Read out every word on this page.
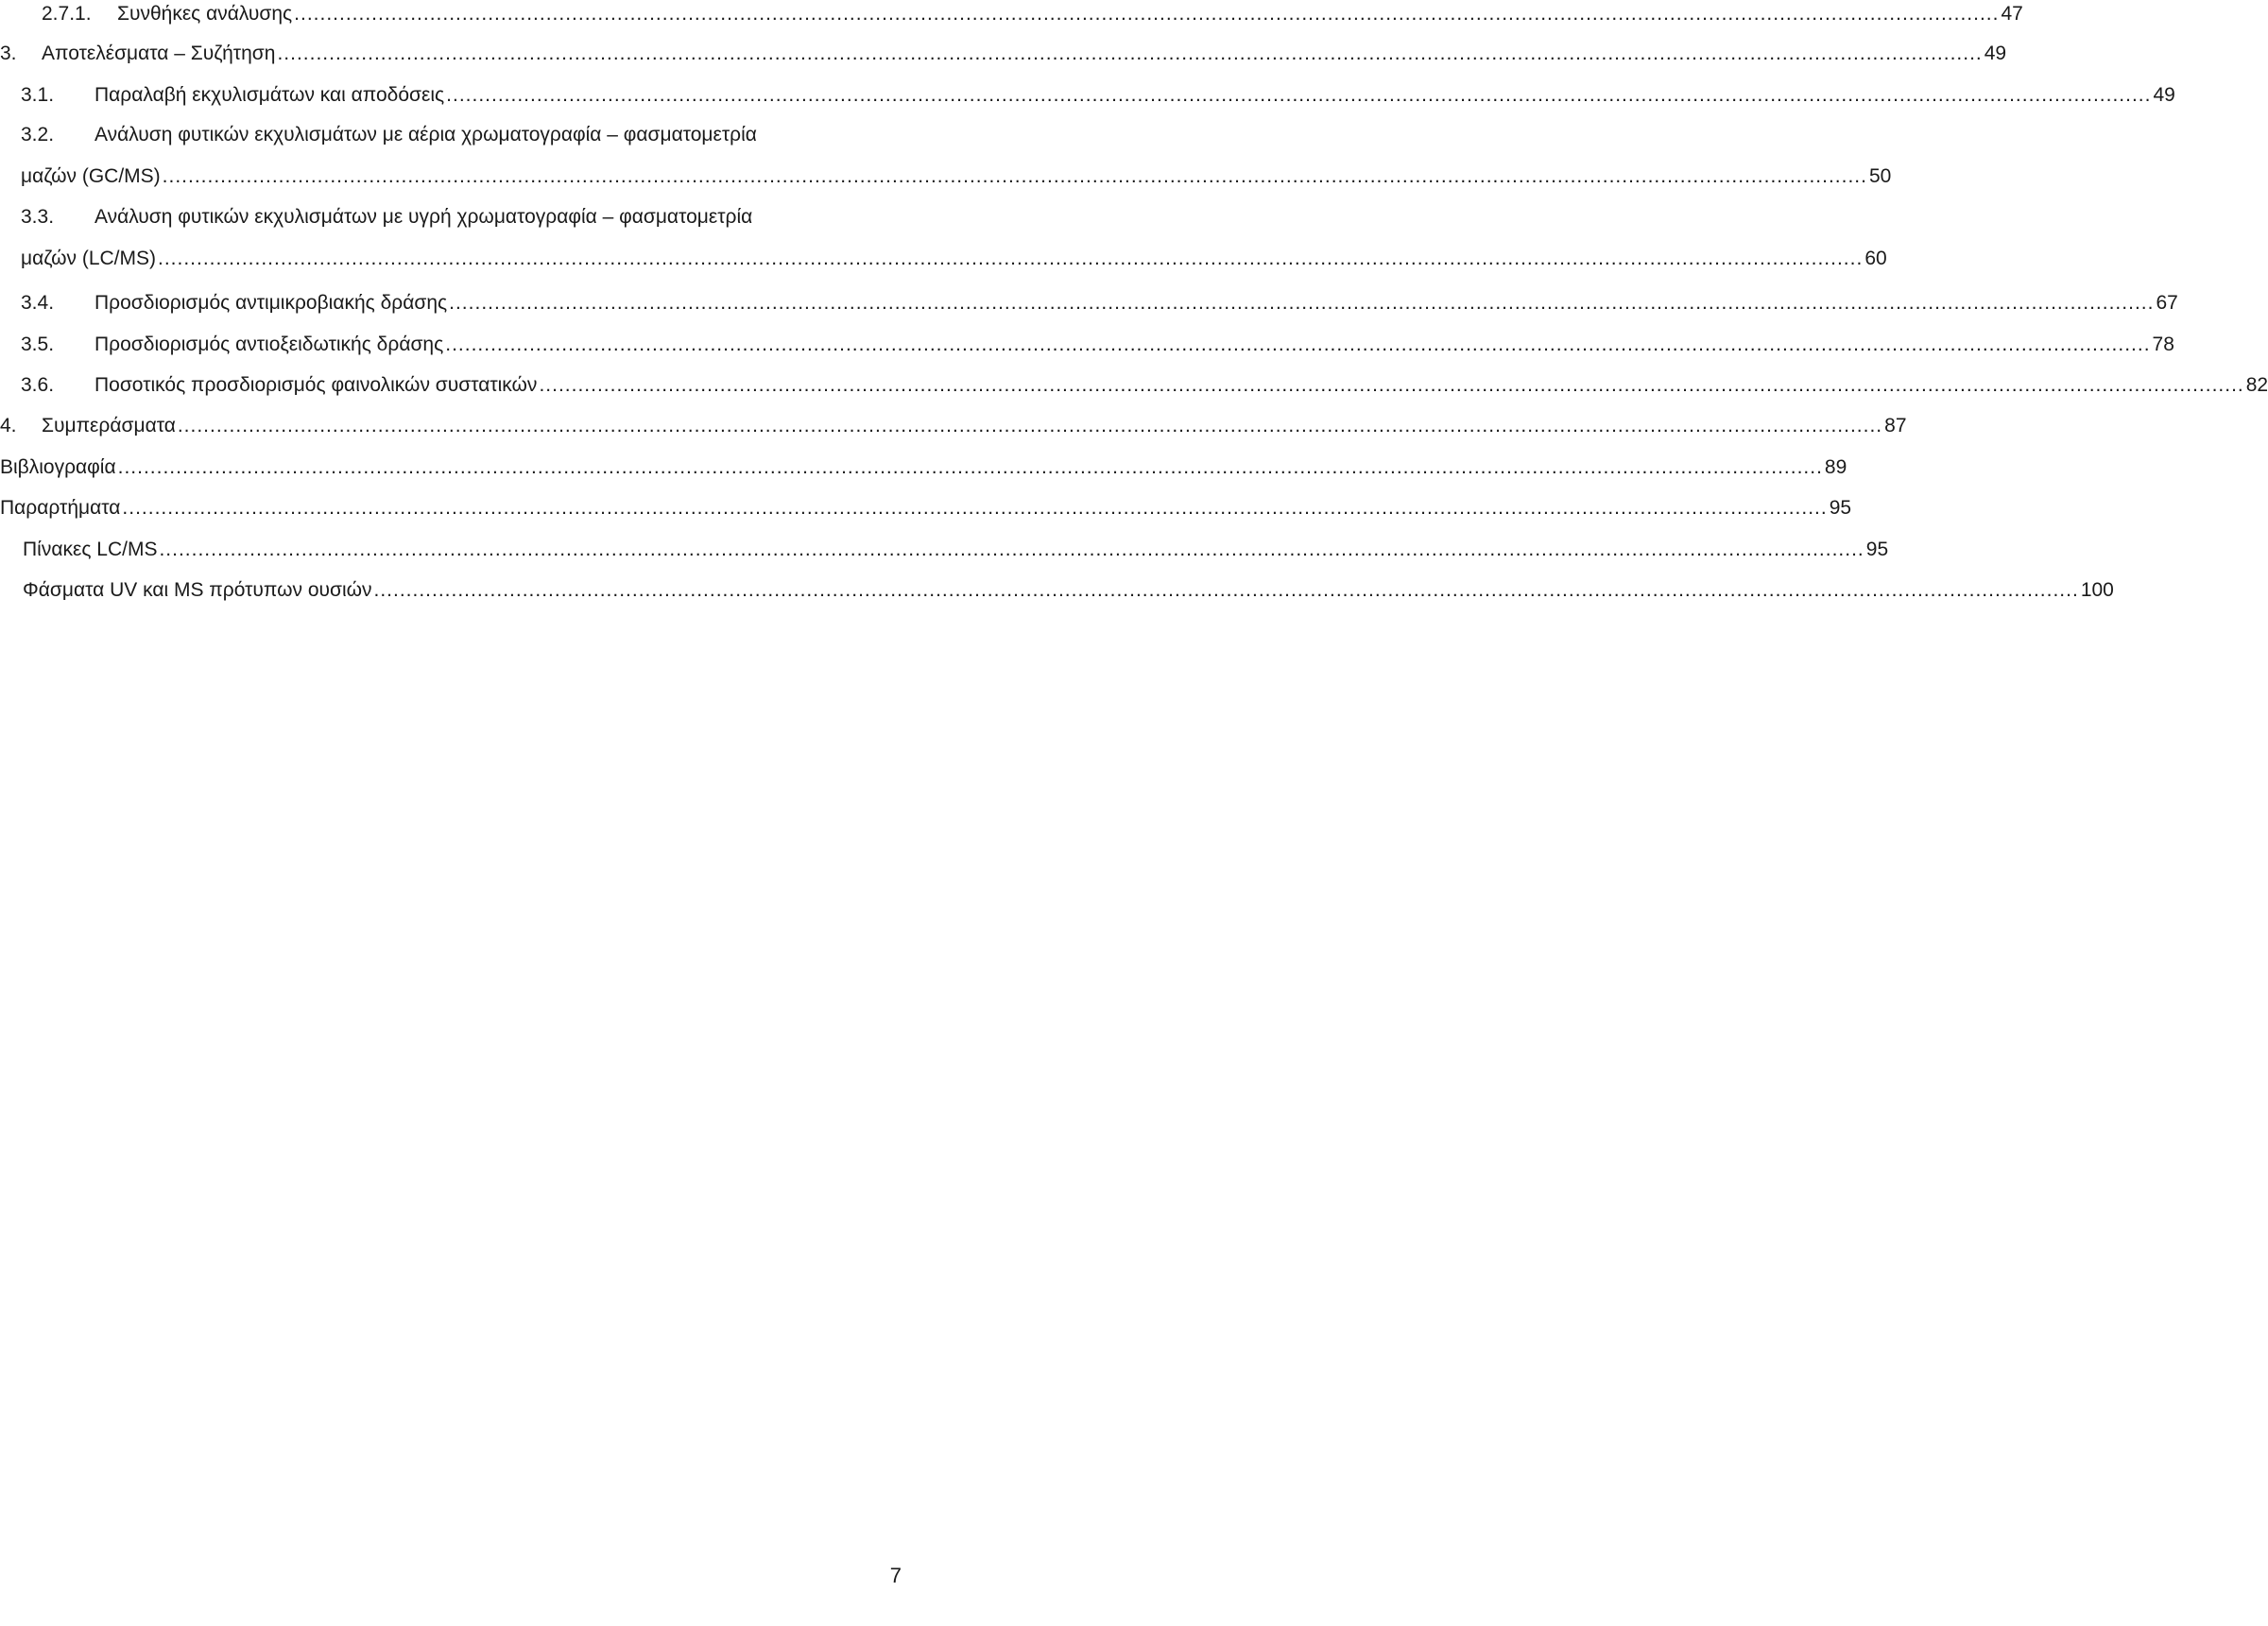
2.7.1.	Συνθήκες ανάλυσης .....	47
3.	Αποτελέσματα – Συζήτηση .....	49
3.1.	Παραλαβή εκχυλισμάτων και αποδόσεις .....	49
3.2.	Ανάλυση φυτικών εκχυλισμάτων με αέρια χρωματογραφία – φασματομετρία
μαζών (GC/MS) .....	50
3.3.	Ανάλυση φυτικών εκχυλισμάτων με υγρή χρωματογραφία – φασματομετρία
μαζών (LC/MS) .....	60
3.4.	Προσδιορισμός αντιμικροβιακής δράσης .....	67
3.5.	Προσδιορισμός αντιοξειδωτικής δράσης .....	78
3.6.	Ποσοτικός προσδιορισμός φαινολικών συστατικών .....	82
4.	Συμπεράσματα .....	87
Βιβλιογραφία .....	89
Παραρτήματα .....	95
Πίνακες LC/MS .....	95
Φάσματα UV και MS πρότυπων ουσιών .....	100
7
